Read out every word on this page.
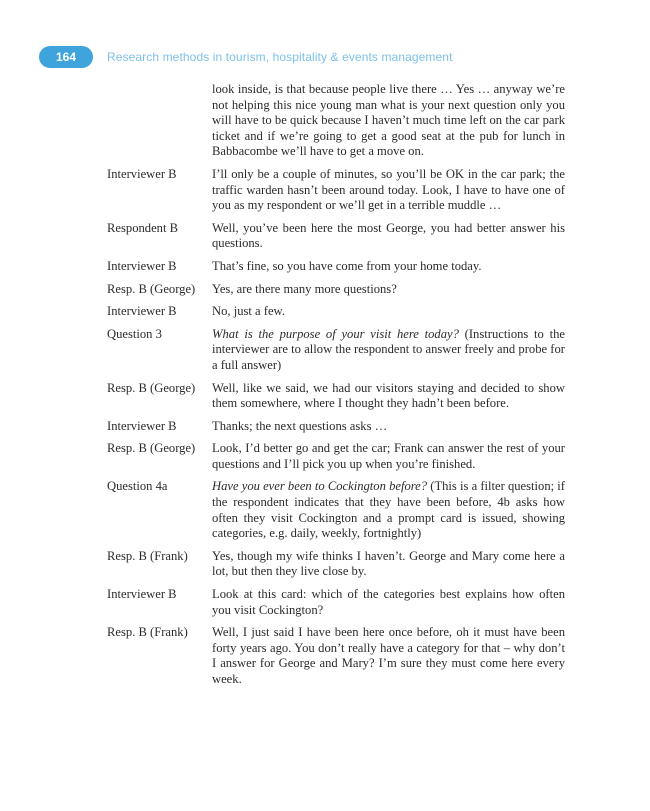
164	Research methods in tourism, hospitality & events management
look inside, is that because people live there … Yes … anyway we’re not helping this nice young man what is your next question only you will have to be quick because I haven’t much time left on the car park ticket and if we’re going to get a good seat at the pub for lunch in Babbacombe we’ll have to get a move on.
Interviewer B	I’ll only be a couple of minutes, so you’ll be OK in the car park; the traffic warden hasn’t been around today. Look, I have to have one of you as my respondent or we’ll get in a terrible muddle …
Respondent B	Well, you’ve been here the most George, you had better answer his questions.
Interviewer B	That’s fine, so you have come from your home today.
Resp. B (George)	Yes, are there many more questions?
Interviewer B	No, just a few.
Question 3	What is the purpose of your visit here today? (Instructions to the interviewer are to allow the respondent to answer freely and probe for a full answer)
Resp. B (George)	Well, like we said, we had our visitors staying and decided to show them somewhere, where I thought they hadn’t been before.
Interviewer B	Thanks; the next questions asks …
Resp. B (George)	Look, I’d better go and get the car; Frank can answer the rest of your questions and I’ll pick you up when you’re finished.
Question 4a	Have you ever been to Cockington before? (This is a filter question; if the respondent indicates that they have been before, 4b asks how often they visit Cockington and a prompt card is issued, showing categories, e.g. daily, weekly, fortnightly)
Resp. B (Frank)	Yes, though my wife thinks I haven’t. George and Mary come here a lot, but then they live close by.
Interviewer B	Look at this card: which of the categories best explains how often you visit Cockington?
Resp. B (Frank)	Well, I just said I have been here once before, oh it must have been forty years ago. You don’t really have a category for that – why don’t I answer for George and Mary? I’m sure they must come here every week.
